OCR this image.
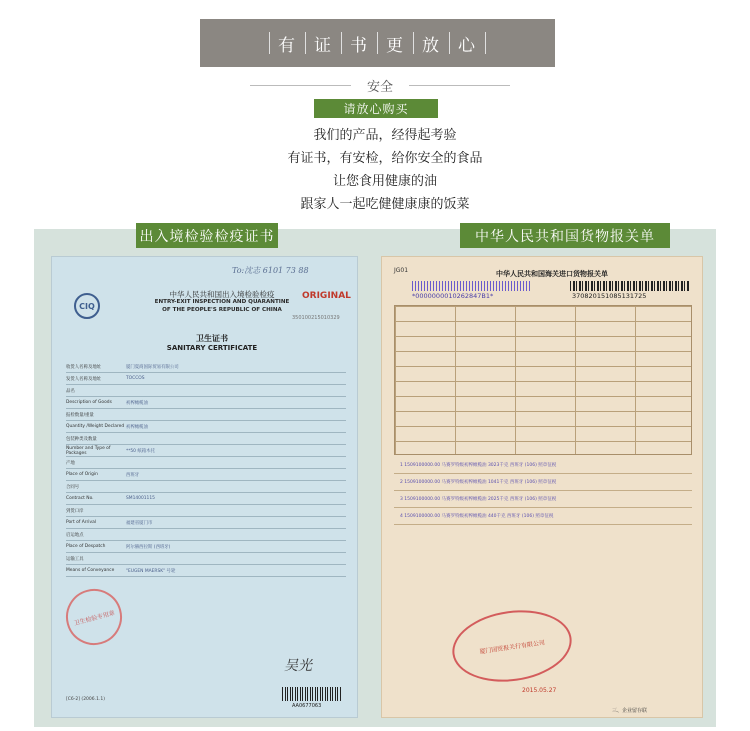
有 证 书 更 放 心
安全
请放心购买
我们的产品，经得起考验
有证书，有安检，给你安全的食品
让您食用健康的油
跟家人一起吃健健康康的饭菜
出入境检验检疫证书	中华人民共和国货物报关单
To:沈志 6101 73 88
CIQ
中华人民共和国出入境检验检疫
ENTRY-EXIT INSPECTION AND QUARANTINE
OF THE PEOPLE'S REPUBLIC OF CHINA
ORIGINAL
350100215010329
卫生证书
SANITARY CERTIFICATE
收货人名称及地址	厦门夏商国际贸易有限公司
发货人名称及地址	TOCCOS
品名
Description of Goods	初榨橄榄油
报检数量/重量
Quantity /Weight Declared 初榨橄榄油
包装种类及数量
Number and Type of Packages	**50 纸箱木托
产地
Place of Origin	西班牙
合同号
Contract No.	SM14001115
到货口岸
Port of Arrival	福建省厦门市
启运地点
Place of Despatch	阿尔赫西拉斯 (西班牙)
运输工具
Means of Conveyance	"EUGEN MAERSK" 号轮
卫生检验专用章
吴光
AA0677063
[C6-2] (2006.1.1)
JG01	中华人民共和国海关进口货物报关单
*0000000010262847B1*	370820151085131725
1 1509100000.00 马赛罗特级初榨橄榄油 3023千克 西班牙 (106) 照章征税
2 1509100000.00 马赛罗特级初榨橄榄油 1041千克 西班牙 (106) 照章征税
3 1509100000.00 马赛罗特级初榨橄榄油 2025千克 西班牙 (106) 照章征税
4 1509100000.00 马赛罗特级初榨橄榄油 440千克 西班牙 (106) 照章征税
厦门国贸报关行有限公司
2015.05.27
三、企业留存联
